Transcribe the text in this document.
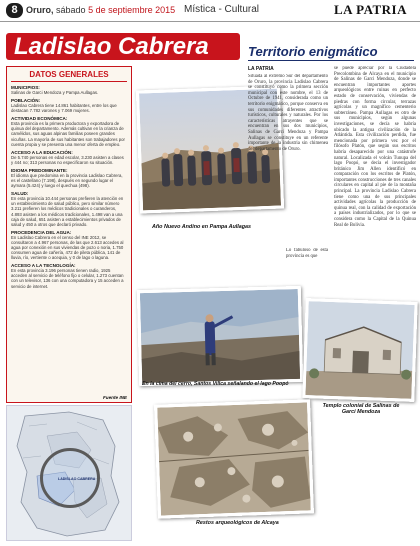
8 Oruro, sábado 5 de septiembre 2015 Mística - Cultural	LA PATRIA
Ladislao Cabrera	Territorio enigmático
DATOS GENERALES
MUNICIPIOS:
Salinas de Garci Mendoza y Pampa Aullagas.
POBLACIÓN:
Ladislao Cabrera tiene 14.861 habitantes, entre los que destacan 7.782 varones y 7.069 mujeres.
ACTIVIDAD ECONÓMICA:
Esta provincia es la primera productora y exportadora de quinua del departamento. Además cultivan en la crianza de camélidos, sus aguas alpinas familias poseen grandes vicuñas. La mayoría de sus habitantes son trabajadores por cuenta propia y se presenta una menor oferta de empleo.
ACCESO A LA EDUCACIÓN:
De 5.740 personas en edad escolar, 3.230 asisten a clases y 444 no; 313 personas no especificaron su situación.
IDIOMA PREDOMINANTE:
El idioma que predomina en la provincia Ladislao Cabrera, es el castellano (7.198), después en segundo lugar el aymara (5.424) y luego el quechua (498).
SALUD:
En esta provincia 10.444 personas prefieren la atención en un establecimiento de salud público, pero similar número 3.211 prefieren los médicos tradicionales o curanderos, 4.893 asisten a los médicos tradicionales, 1.498 van a una caja de salud, 651 asisten a establecimientos privados de salud y 450 a otros que declaró privado.
PROCEDENCIA DEL AGUA:
En Ladislao Cabrera en el censo del INE 2012, se consultaron a 4.967 personas, de las que 2.613 accedes al agua por conexión en sus viviendas de pozo o noria, 1.750 consumen agua de cañería, 472 de pileta pública, 141 de lluvia, río, vertiente o acequia, y 0 de lago o laguna.
ACCESO A LA TECNOLOGÍA:
En esta provincia 3.196 personas tienen radio, 1925 acceden al servicio de teléfono fijo o celular, 1.273 cuentan con un televisor, 136 con una computadora y 15 acceden a servicio de internet.
Fuente INE
LADISLAO CABRERA
Año Nuevo Andino en Pampa Aullagas
LA PATRIA
Situada al extremo Sur del departamento de Oruro, la provincia Ladislao Cabrera se constituyó como la primera sección municipal con este nombre, el 13 de Octubre de 1941, considerada como un territorio enigmático, porque conserva en sus comunidades diferentes atractivos turísticos, culturales y naturales. Por los características atrayentes que se encuentran en sus dos municipios, Salinas de Garci Mendoza y Pampa Aullagas se constituye en un referente importante de la industria sin chimenea del departamento de Oruro.
Lo fabuloso de esta provincia es que
se puede apreciar por la Ciudadela Precolombina de Alcaya en el municipio de Salinas de Garci Mendoza, donde se encuentran importantes aportes arqueológicos entre ruinas en perfecto estado de conservación, viviendas de piedras con forma circular, terrazas agrícolas y un magnífico cementerio subterráneo. Pampa Aullagas es otro de sus municipios, según algunas investigaciones, se decía se habría ubicado la antigua civilización de la Atlántida. Esta civilización perdida, fue mencionada por primera vez por el filósofo Platón, que según sus escritos habría desaparecido por una catástrofe natural. Localizada el volcán Tunupa del lago Poopó, se decía el investigador británico Jim Allen identificó en comparación con los escritos de Platón, importantes construcciones de tres canales circulares en capital al pie de la montaña principal. La provincia Ladislao Cabrera tiene como una de sus principales actividades agrícolas la producción de quinua real, con la calidad de exportación a países industrializados, por lo que se considera como la Capital de la Quinua Real de Bolivia.
En la cima del cerro, Santos Villca señalando el lago Poopó
Templo colonial de Salinas de Garci Mendoza
Restos arqueológicos de Alcaya
